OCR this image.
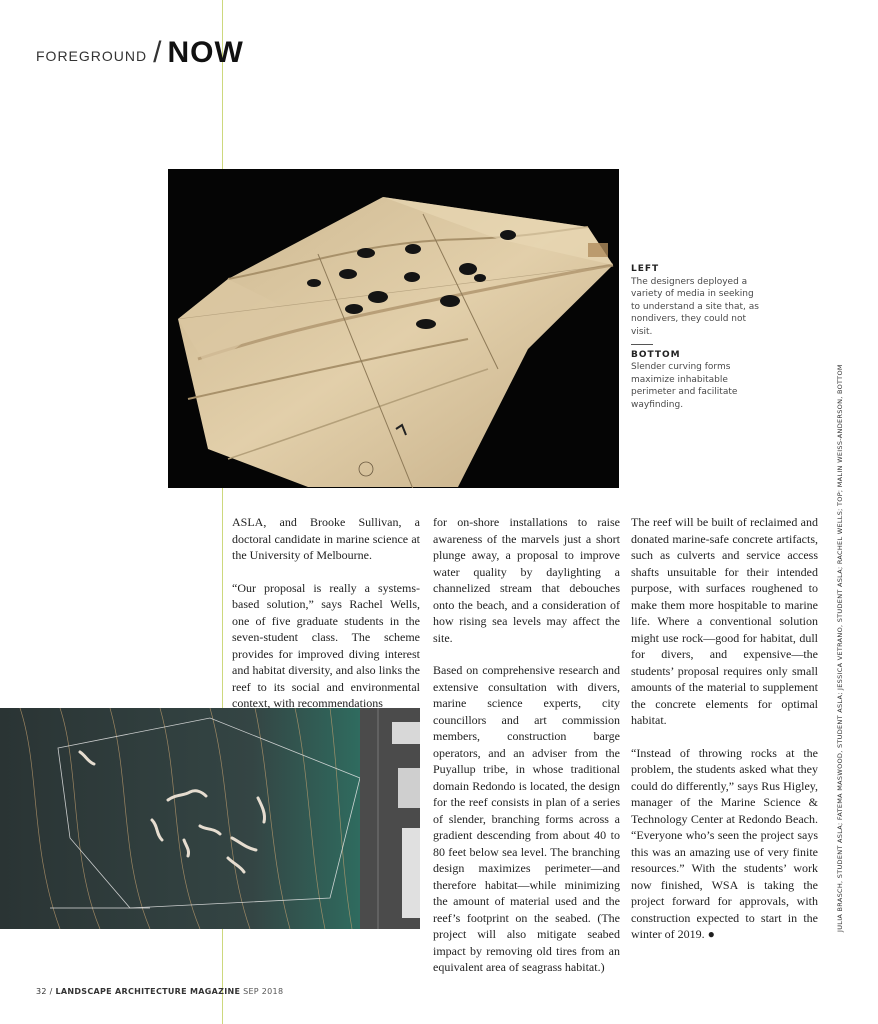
FOREGROUND / NOW
LEFT
The designers deployed a variety of media in seeking to understand a site that, as nondivers, they could not visit.
BOTTOM
Slender curving forms maximize inhabitable perimeter and facilitate wayfinding.

ASLA, and Brooke Sullivan, a doctoral candidate in marine science at the University of Melbourne.

“Our proposal is really a systems-based solution,” says Rachel Wells, one of five graduate students in the seven-student class. The scheme provides for improved diving interest and habitat diversity, and also links the reef to its social and environmental context, with recommendations

for on-shore installations to raise awareness of the marvels just a short plunge away, a proposal to improve water quality by daylighting a channelized stream that debouches onto the beach, and a consideration of how rising sea levels may affect the site.

Based on comprehensive research and extensive consultation with divers, marine science experts, city councillors and art commission members, construction barge operators, and an adviser from the Puyallup tribe, in whose traditional domain Redondo is located, the design for the reef consists in plan of a series of slender, branching forms across a gradient descending from about 40 to 80 feet below sea level. The branching design maximizes perimeter—and therefore habitat—while minimizing the amount of material used and the reef’s footprint on the seabed. (The project will also mitigate seabed impact by removing old tires from an equivalent area of seagrass habitat.)

The reef will be built of reclaimed and donated marine-safe concrete artifacts, such as culverts and service access shafts unsuitable for their intended purpose, with surfaces roughened to make them more hospitable to marine life. Where a conventional solution might use rock—good for habitat, dull for divers, and expensive—the students’ proposal requires only small amounts of the material to supplement the concrete elements for optimal habitat.

“Instead of throwing rocks at the problem, the students asked what they could do differently,” says Rus Higley, manager of the Marine Science & Technology Center at Redondo Beach. “Everyone who’s seen the project says this was an amazing use of very finite resources.” With the students’ work now finished, WSA is taking the project forward for approvals, with construction expected to start in the winter of 2019. ●

JULIA BRASCH, STUDENT ASLA; FATEMA MASWOOD, STUDENT ASLA; JESSICA VETRANO, STUDENT ASLA; RACHEL WELLS; TOP; MALIN WEISS-ANDERSON, BOTTOM
32 / LANDSCAPE ARCHITECTURE MAGAZINE SEP 2018
